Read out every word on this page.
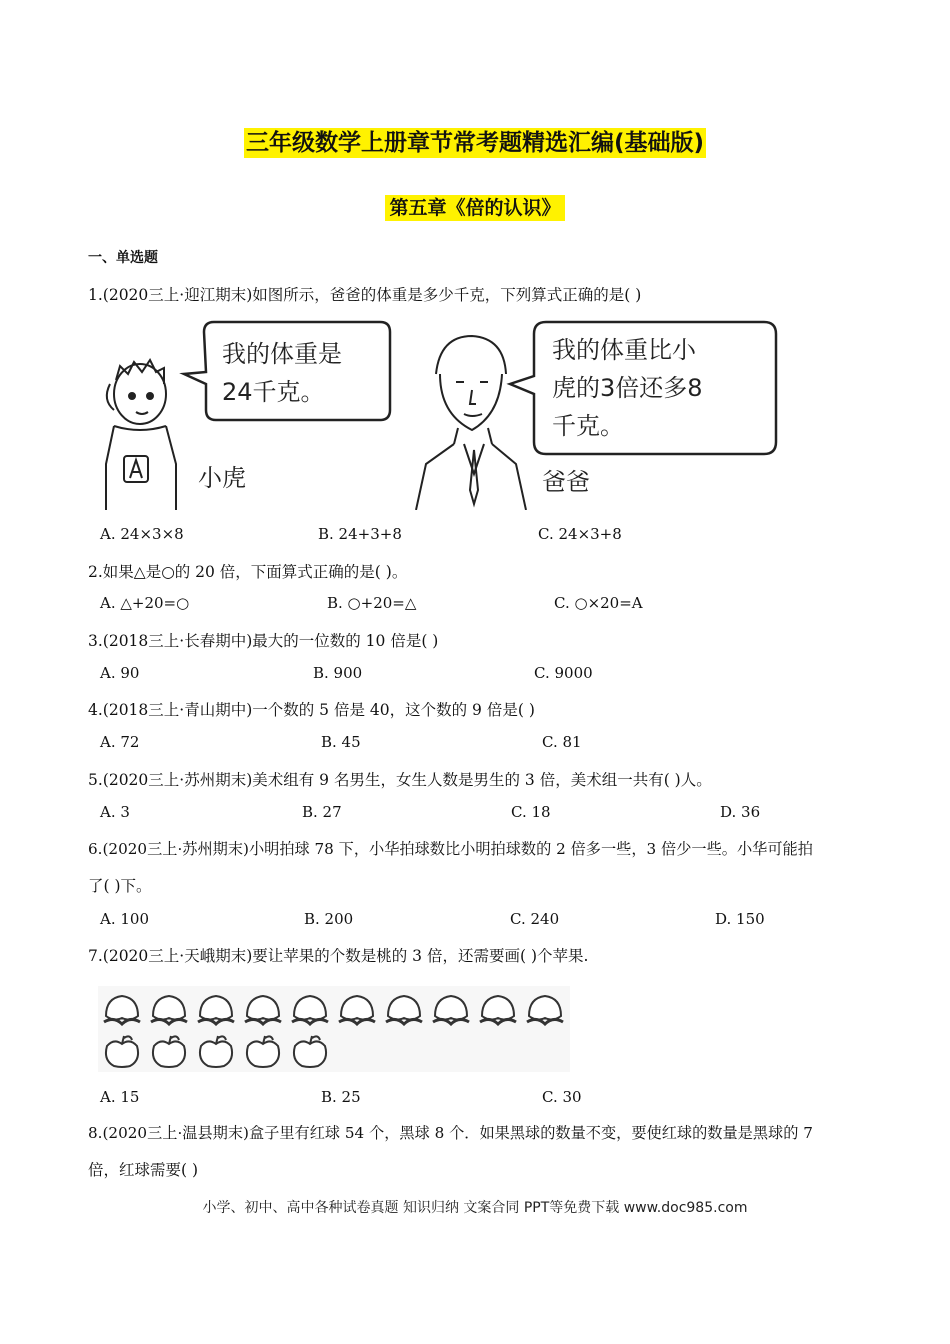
三年级数学上册章节常考题精选汇编(基础版)
第五章《倍的认识》
一、单选题
1.(2020三上·迎江期末)如图所示，爸爸的体重是多少千克，下列算式正确的是( )
我的体重是
24千克。
小虎
我的体重比小
虎的3倍还多8
千克。
爸爸
A. 24×3×8	B. 24+3+8	C. 24×3+8
2.如果△是○的 20 倍，下面算式正确的是( )。
A. △+20=○	B. ○+20=△	C. ○×20=A
3.(2018三上·长春期中)最大的一位数的 10 倍是( )
A. 90	B. 900	C. 9000
4.(2018三上·青山期中)一个数的 5 倍是 40，这个数的 9 倍是( )
A. 72	B. 45	C. 81
5.(2020三上·苏州期末)美术组有 9 名男生，女生人数是男生的 3 倍，美术组一共有( )人。
A. 3	B. 27	C. 18	D. 36
6.(2020三上·苏州期末)小明拍球 78 下，小华拍球数比小明拍球数的 2 倍多一些，3 倍少一些。小华可能拍
了( )下。
A. 100	B. 200	C. 240	D. 150
7.(2020三上·天峨期末)要让苹果的个数是桃的 3 倍，还需要画( )个苹果.
A. 15	B. 25	C. 30
8.(2020三上·温县期末)盒子里有红球 54 个，黑球 8 个．如果黑球的数量不变，要使红球的数量是黑球的 7
倍，红球需要( )
小学、初中、高中各种试卷真题 知识归纳 文案合同 PPT等免费下载 www.doc985.com
